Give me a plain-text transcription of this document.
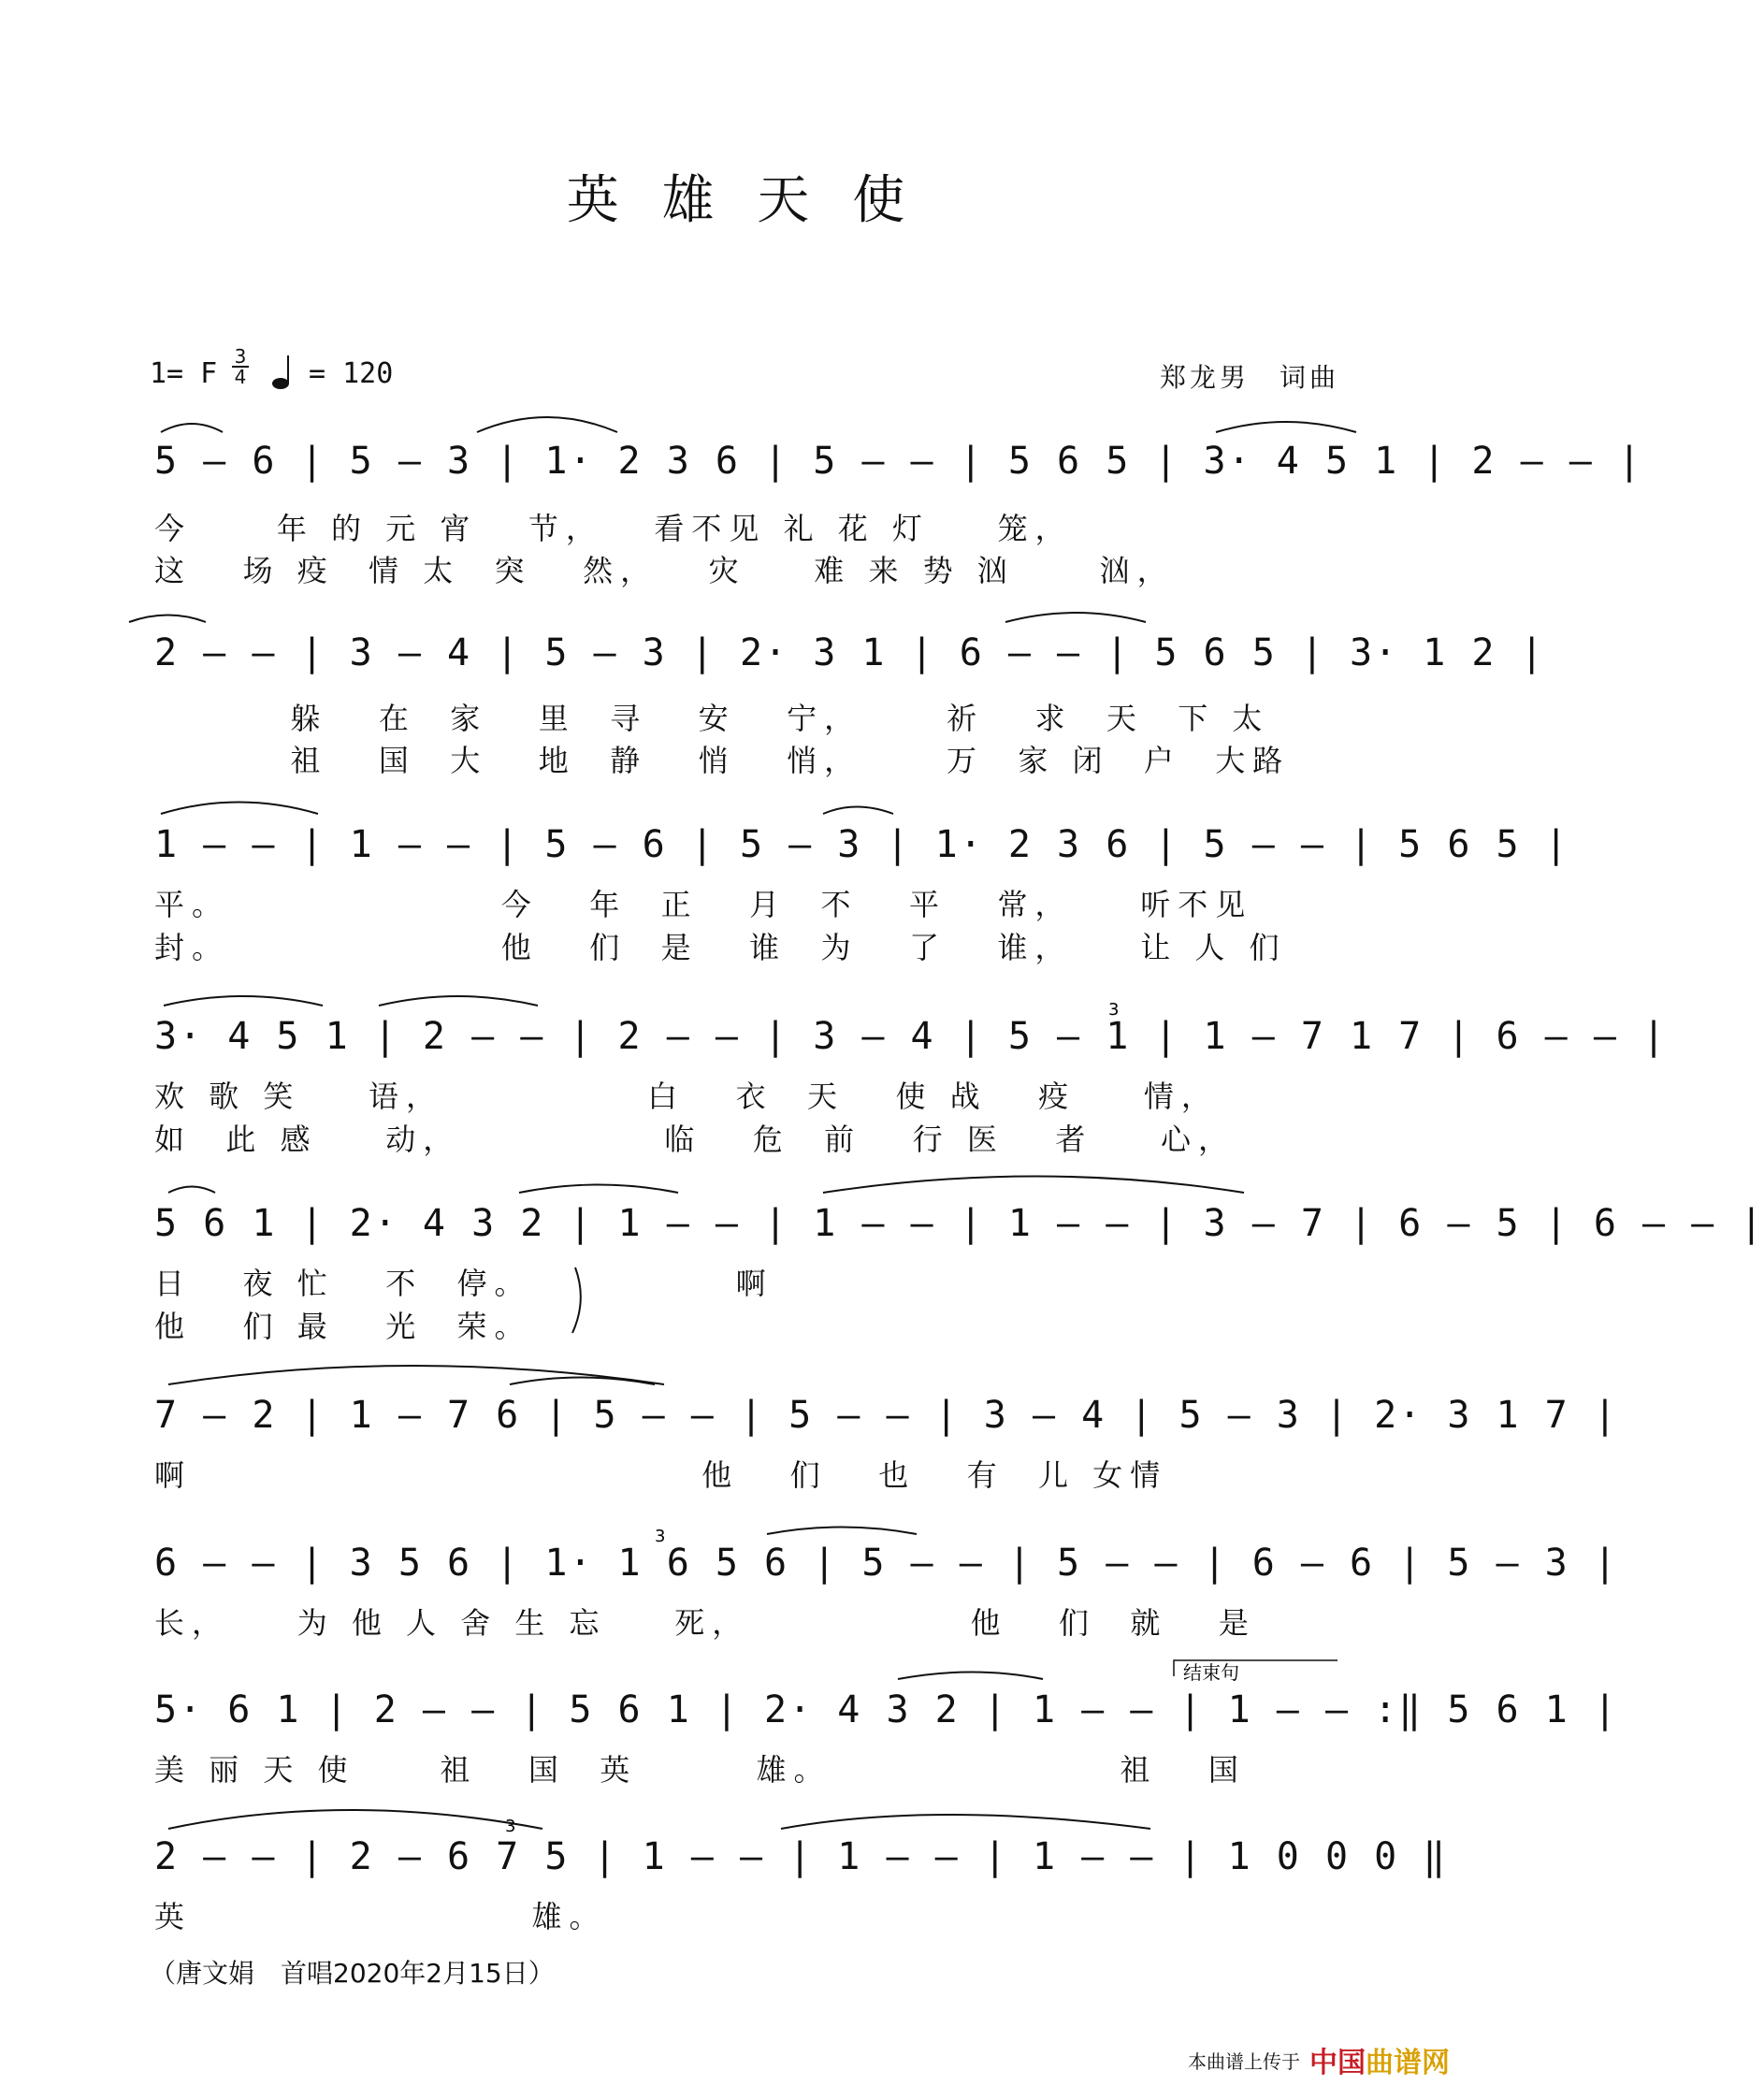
英 雄 天 使
1= F
3
4 = 120	郑龙男　词曲
5 – 6 | 5 – 3 | 1· 2 3 6 | 5 – – | 5 6 5 | 3· 4 5 1 | 2 – – |
今     年 的 元 宵   节，   看不见 礼 花 灯    笼，
这   场 疫  情 太  突   然，   灾    难 来 势 汹     汹，
2 – – | 3 – 4 | 5 – 3 | 2· 3 1 | 6 – – | 5 6 5 | 3· 1 2 |
躲   在  家   里  寻   安   宁，     祈   求  天  下 太
祖   国  大   地  静   悄   悄，     万  家 闭  户  大路
1 – – | 1 – – | 5 – 6 | 5 – 3 | 1· 2 3 6 | 5 – – | 5 6 5 |
平。                今   年  正   月  不   平   常，    听不见
封。                他   们  是   谁  为   了   谁，    让 人 们
3· 4 5 1 | 2 – – | 2 – – | 3 – 4 | 5 – 1 | 1 – 7 1 7 | 6 – – |
欢 歌 笑    语，            白   衣  天   使 战   疫    情，
如  此 感    动，            临   危  前   行 医   者    心，
5 6 1 | 2· 4 3 2 | 1 – – | 1 – – | 1 – – | 3 – 7 | 6 – 5 | 6 – – |
日   夜 忙   不  停。            啊
他   们 最   光  荣。
7 – 2 | 1 – 7 6 | 5 – – | 5 – – | 3 – 4 | 5 – 3 | 2· 3 1 7 |
啊                              他   们   也   有  儿 女情
6 – – | 3 5 6 | 1· 1 6 5 6 | 5 – – | 5 – – | 6 – 6 | 5 – 3 |
长，    为 他 人 舍 生 忘    死，             他   们  就   是
5· 6 1 | 2 – – | 5 6 1 | 2· 4 3 2 | 1 – – | 1 – – :‖ 5 6 1 |
美 丽 天 使     祖   国  英       雄。                 祖   国
2 – – | 2 – 6 7 5 | 1 – – | 1 – – | 1 – – | 1 0 0 0 ‖
英                    雄。
结束句
3
3
3
（唐文娟　首唱2020年2月15日）
本曲谱上传于 中国曲谱网
